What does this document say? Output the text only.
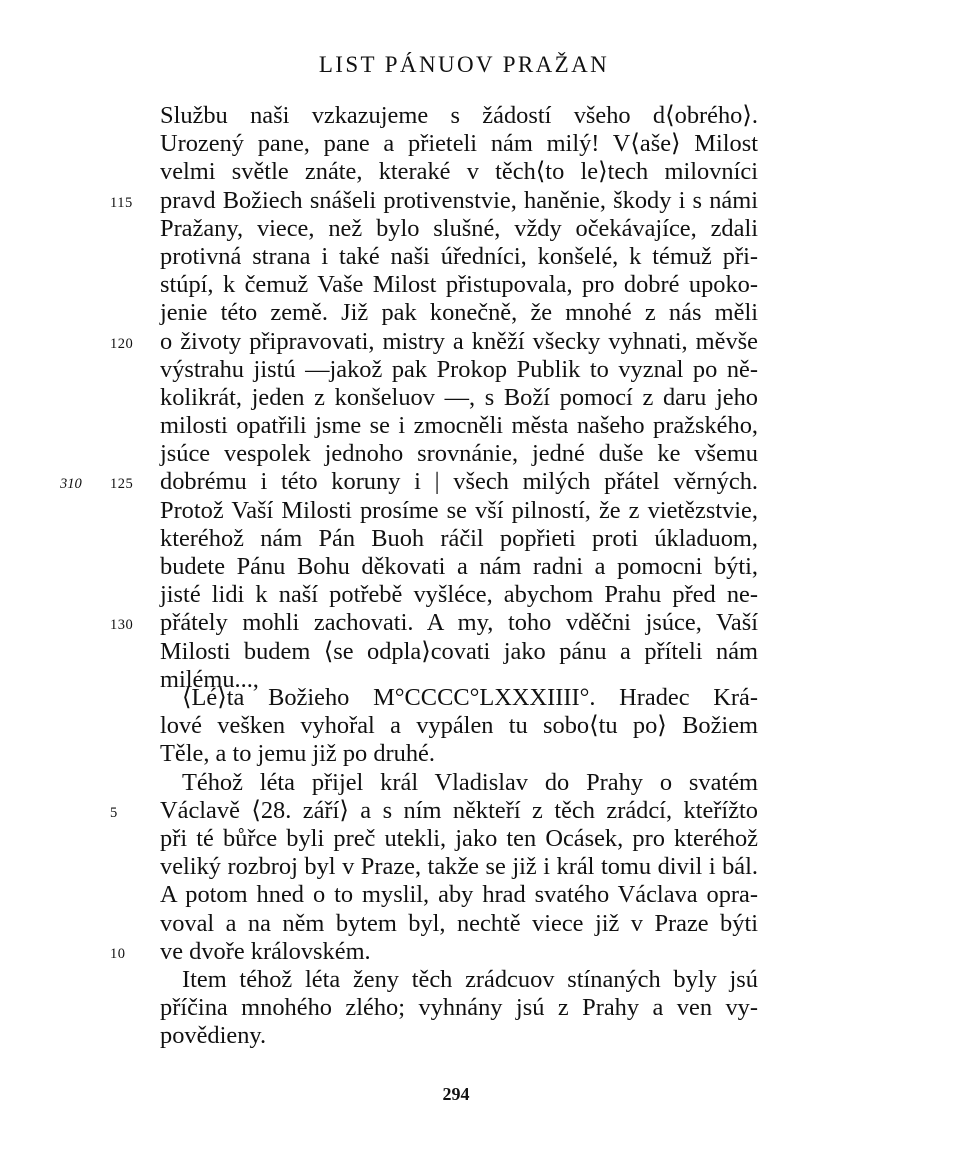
LIST PÁNUOV PRAŽAN
Službu naši vzkazujeme s žádostí všeho d⟨obrého⟩.
Urozený pane, pane a přieteli nám milý! V⟨aše⟩ Milost
velmi světle znáte, kteraké v těch⟨to le⟩tech milovníci
115	pravd Božiech snášeli protivenstvie, haněnie, škody i s námi
Pražany, viece, než bylo slušné, vždy očekávajíce, zdali
protivná strana i také naši úředníci, konšelé, k témuž při-
stúpí, k čemuž Vaše Milost přistupovala, pro dobré upoko-
jenie této země. Již pak konečně, že mnohé z nás měli
120	o životy připravovati, mistry a kněží všecky vyhnati, měvše
výstrahu jistú —jakož pak Prokop Publik to vyznal po ně-
kolikrát, jeden z konšeluov —, s Boží pomocí z daru jeho
milosti opatřili jsme se i zmocněli města našeho pražského,
jsúce vespolek jednoho srovnánie, jedné duše ke všemu
310	125	dobrému i této koruny i | všech milých přátel věrných.
Protož Vaší Milosti prosíme se vší pilností, že z vietězstvie,
kteréhož nám Pán Buoh ráčil popřieti proti úkladuom,
budete Pánu Bohu děkovati a nám radni a pomocni býti,
jisté lidi k naší potřebě vyšléce, abychom Prahu před ne-
130	přátely mohli zachovati. A my, toho vděčni jsúce, Vaší
Milosti budem ⟨se odpla⟩covati jako pánu a příteli nám
milému...,
⟨Lé⟩ta Božieho M°CCCC°LXXXIIII°. Hradec Krá-
lové vešken vyhořal a vypálen tu sobo⟨tu po⟩ Božiem
Těle, a to jemu již po druhé.
Téhož léta přijel král Vladislav do Prahy o svatém
5	Václavě ⟨28. září⟩ a s ním někteří z těch zrádcí, kteřížto
při té bůřce byli preč utekli, jako ten Ocásek, pro kteréhož
veliký rozbroj byl v Praze, takže se již i král tomu divil i bál.
A potom hned o to myslil, aby hrad svatého Václava opra-
voval a na něm bytem byl, nechtě viece již v Praze býti
10	ve dvoře královském.
Item téhož léta ženy těch zrádcuov stínaných byly jsú
příčina mnohého zlého; vyhnány jsú z Prahy a ven vy-
povědieny.
294
